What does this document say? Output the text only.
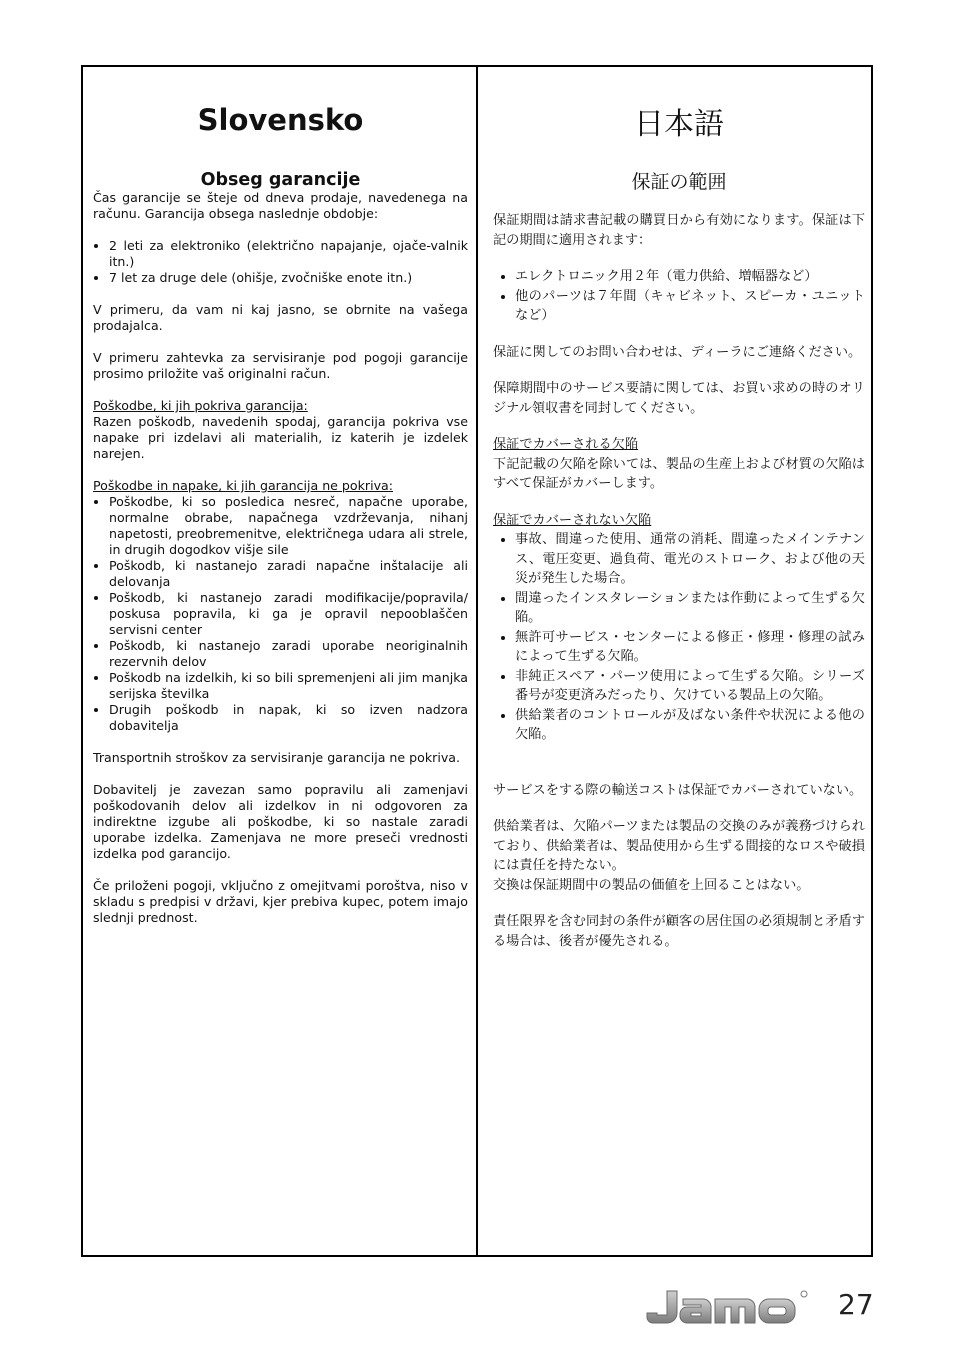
Slovensko
Obseg garancije

Čas garancije se šteje od dneva prodaje, navedenega na računu. Garancija obsega naslednje obdobje:

• 2 leti za elektroniko (električno napajanje, ojače-valnik itn.)
• 7 let za druge dele (ohišje, zvočniške enote itn.)

V primeru, da vam ni kaj jasno, se obrnite na vašega prodajalca.

V primeru zahtevka za servisiranje pod pogoji garancije prosimo priložite vaš originalni račun.

Poškodbe, ki jih pokriva garancija:

Razen poškodb, navedenih spodaj, garancija pokriva vse napake pri izdelavi ali materialih, iz katerih je izdelek narejen.

Poškodbe in napake, ki jih garancija ne pokriva:

• Poškodbe, ki so posledica nesreč, napačne uporabe, normalne obrabe, napačnega vzdrževanja, nihanj napetosti, preobremenitve, električnega udara ali strele, in drugih dogodkov višje sile
• Poškodb, ki nastanejo zaradi napačne inštalacije ali delovanja
• Poškodb, ki nastanejo zaradi modifikacije/popravila/ poskusa popravila, ki ga je opravil nepooblaščen servisni center
• Poškodb, ki nastanejo zaradi uporabe neoriginalnih rezervnih delov
• Poškodb na izdelkih, ki so bili spremenjeni ali jim manjka serijska številka
• Drugih poškodb in napak, ki so izven nadzora dobavitelja

Transportnih stroškov za servisiranje garancija ne pokriva.

Dobavitelj je zavezan samo popravilu ali zamenjavi poškodovanih delov ali izdelkov in ni odgovoren za indirektne izgube ali poškodbe, ki so nastale zaradi uporabe izdelka. Zamenjava ne more preseči vrednosti izdelka pod garancijo.

Če priloženi pogoji, vključno z omejitvami poroštva, niso v skladu s predpisi v državi, kjer prebiva kupec, potem imajo slednji prednost.

日本語
保証の範囲

保証期間は請求書記載の購買日から有効になります。保証は下記の期間に適用されます：

• エレクトロニック用２年（電力供給、増幅器など）
• 他のパーツは７年間（キャビネット、スピーカ・ユニットなど）

保証に関してのお問い合わせは、ディーラにご連絡ください。

保障期間中のサービス要請に関しては、お買い求めの時のオリジナル領収書を同封してください。

保証でカバーされる欠陥

下記記載の欠陥を除いては、製品の生産上および材質の欠陥はすべて保証がカバーします。

保証でカバーされない欠陥

• 事故、間違った使用、通常の消耗、間違ったメインテナンス、電圧変更、過負荷、電光のストローク、および他の天災が発生した場合。
• 間違ったインスタレーションまたは作動によって生ずる欠陥。
• 無許可サービス・センターによる修正・修理・修理の試みによって生ずる欠陥。
• 非純正スペア・パーツ使用によって生ずる欠陥。シリーズ番号が変更済みだったり、欠けている製品上の欠陥。
• 供給業者のコントロールが及ばない条件や状況による他の欠陥。

サービスをする際の輸送コストは保証でカバーされていない。

供給業者は、欠陥パーツまたは製品の交換のみが義務づけられており、供給業者は、製品使用から生ずる間接的なロスや破損には責任を持たない。

交換は保証期間中の製品の価値を上回ることはない。

責任限界を含む同封の条件が顧客の居住国の必須規制と矛盾する場合は、後者が優先される。

27
